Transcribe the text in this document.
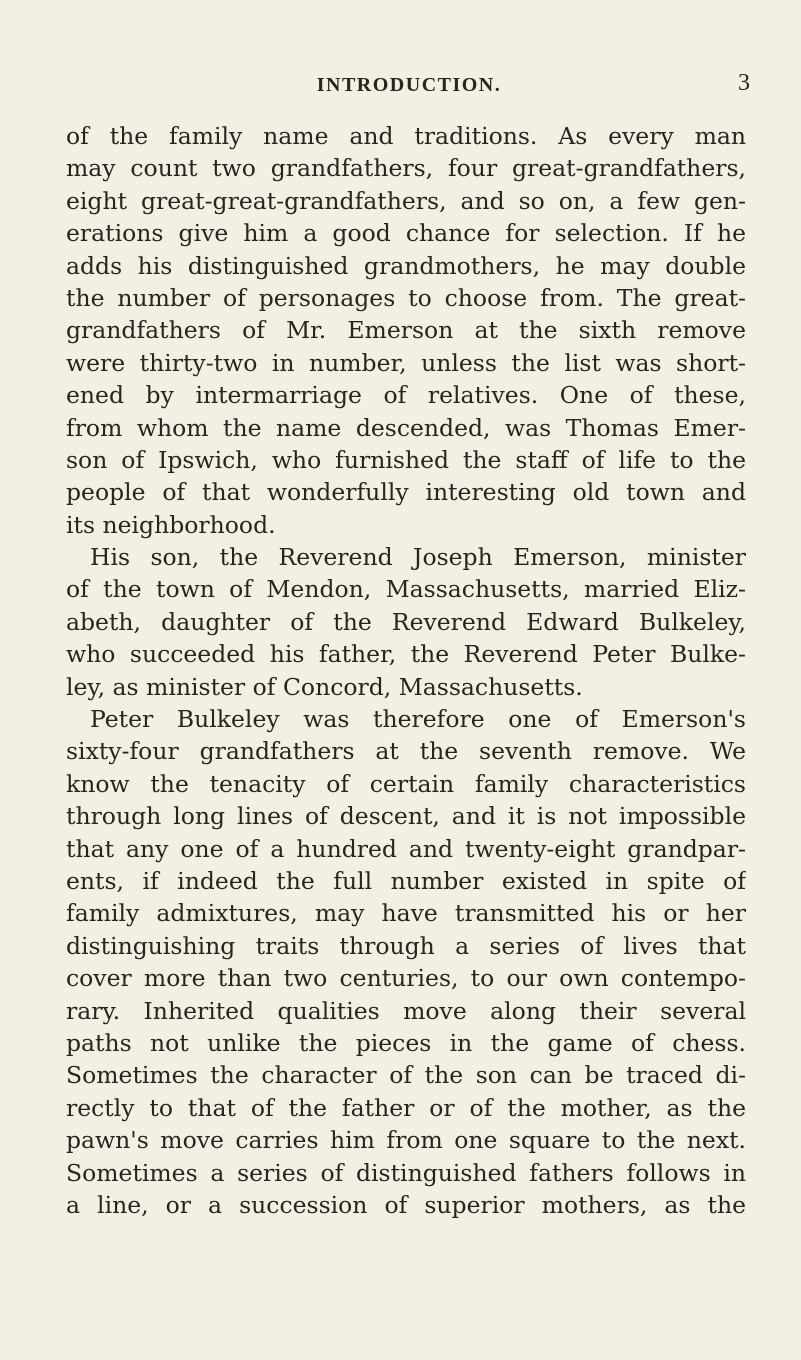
INTRODUCTION.	3
of the family name and traditions. As every man
may count two grandfathers, four great-grandfathers,
eight great-great-grandfathers, and so on, a few gen-
erations give him a good chance for selection. If he
adds his distinguished grandmothers, he may double
the number of personages to choose from. The great-
grandfathers of Mr. Emerson at the sixth remove
were thirty-two in number, unless the list was short-
ened by intermarriage of relatives. One of these,
from whom the name descended, was Thomas Emer-
son of Ipswich, who furnished the staff of life to the
people of that wonderfully interesting old town and
its neighborhood.
His son, the Reverend Joseph Emerson, minister
of the town of Mendon, Massachusetts, married Eliz-
abeth, daughter of the Reverend Edward Bulkeley,
who succeeded his father, the Reverend Peter Bulke-
ley, as minister of Concord, Massachusetts.
Peter Bulkeley was therefore one of Emerson's
sixty-four grandfathers at the seventh remove. We
know the tenacity of certain family characteristics
through long lines of descent, and it is not impossible
that any one of a hundred and twenty-eight grandpar-
ents, if indeed the full number existed in spite of
family admixtures, may have transmitted his or her
distinguishing traits through a series of lives that
cover more than two centuries, to our own contempo-
rary. Inherited qualities move along their several
paths not unlike the pieces in the game of chess.
Sometimes the character of the son can be traced di-
rectly to that of the father or of the mother, as the
pawn's move carries him from one square to the next.
Sometimes a series of distinguished fathers follows in
a line, or a succession of superior mothers, as the
